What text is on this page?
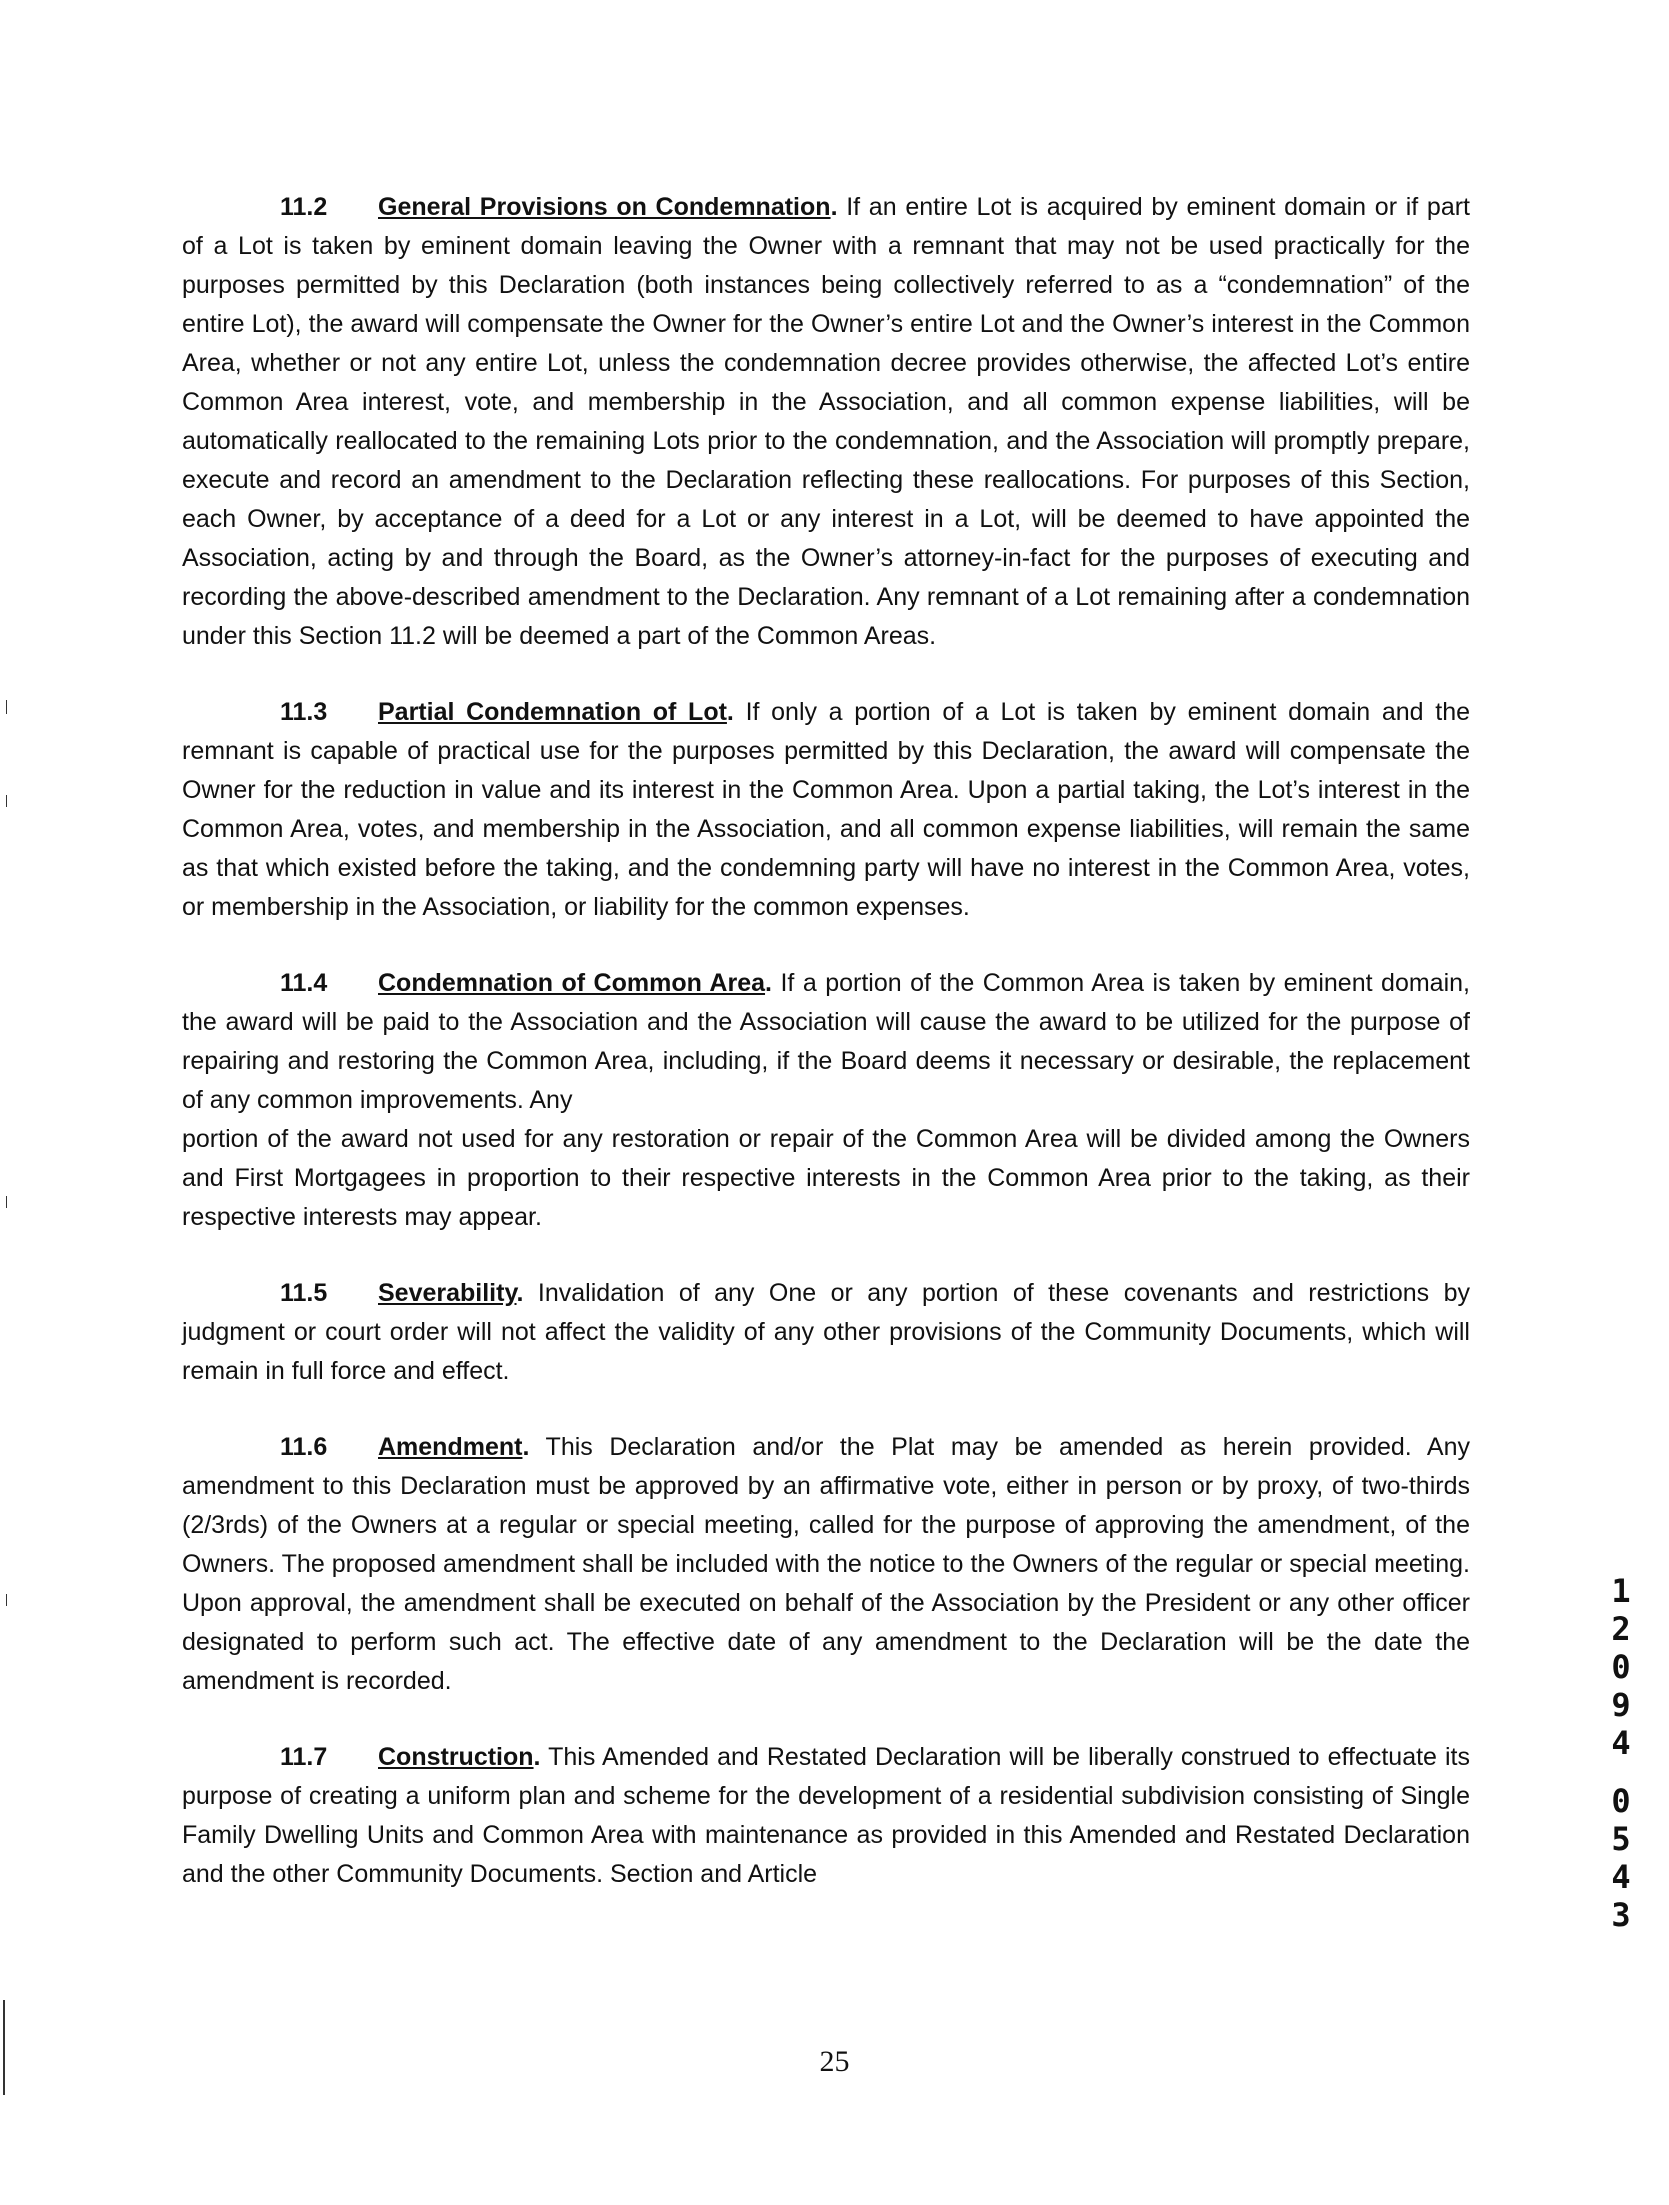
11.2 General Provisions on Condemnation. If an entire Lot is acquired by eminent domain or if part of a Lot is taken by eminent domain leaving the Owner with a remnant that may not be used practically for the purposes permitted by this Declaration (both instances being collectively referred to as a “condemnation” of the entire Lot), the award will compensate the Owner for the Owner’s entire Lot and the Owner’s interest in the Common Area, whether or not any entire Lot, unless the condemnation decree provides otherwise, the affected Lot’s entire Common Area interest, vote, and membership in the Association, and all common expense liabilities, will be automatically reallocated to the remaining Lots prior to the condemnation, and the Association will promptly prepare, execute and record an amendment to the Declaration reflecting these reallocations. For purposes of this Section, each Owner, by acceptance of a deed for a Lot or any interest in a Lot, will be deemed to have appointed the Association, acting by and through the Board, as the Owner’s attorney-in-fact for the purposes of executing and recording the above-described amendment to the Declaration. Any remnant of a Lot remaining after a condemnation under this Section 11.2 will be deemed a part of the Common Areas.

11.3 Partial Condemnation of Lot. If only a portion of a Lot is taken by eminent domain and the remnant is capable of practical use for the purposes permitted by this Declaration, the award will compensate the Owner for the reduction in value and its interest in the Common Area. Upon a partial taking, the Lot’s interest in the Common Area, votes, and membership in the Association, and all common expense liabilities, will remain the same as that which existed before the taking, and the condemning party will have no interest in the Common Area, votes, or membership in the Association, or liability for the common expenses.

11.4 Condemnation of Common Area. If a portion of the Common Area is taken by eminent domain, the award will be paid to the Association and the Association will cause the award to be utilized for the purpose of repairing and restoring the Common Area, including, if the Board deems it necessary or desirable, the replacement of any common improvements. Any

portion of the award not used for any restoration or repair of the Common Area will be divided among the Owners and First Mortgagees in proportion to their respective interests in the Common Area prior to the taking, as their respective interests may appear.

11.5 Severability. Invalidation of any One or any portion of these covenants and restrictions by judgment or court order will not affect the validity of any other provisions of the Community Documents, which will remain in full force and effect.

11.6 Amendment. This Declaration and/or the Plat may be amended as herein provided. Any amendment to this Declaration must be approved by an affirmative vote, either in person or by proxy, of two-thirds (2/3rds) of the Owners at a regular or special meeting, called for the purpose of approving the amendment, of the Owners. The proposed amendment shall be included with the notice to the Owners of the regular or special meeting. Upon approval, the amendment shall be executed on behalf of the Association by the President or any other officer designated to perform such act. The effective date of any amendment to the Declaration will be the date the amendment is recorded.

11.7 Construction. This Amended and Restated Declaration will be liberally construed to effectuate its purpose of creating a uniform plan and scheme for the development of a residential subdivision consisting of Single Family Dwelling Units and Common Area with maintenance as provided in this Amended and Restated Declaration and the other Community Documents. Section and Article

1
2
0
9
4
0
5
4
3
25
